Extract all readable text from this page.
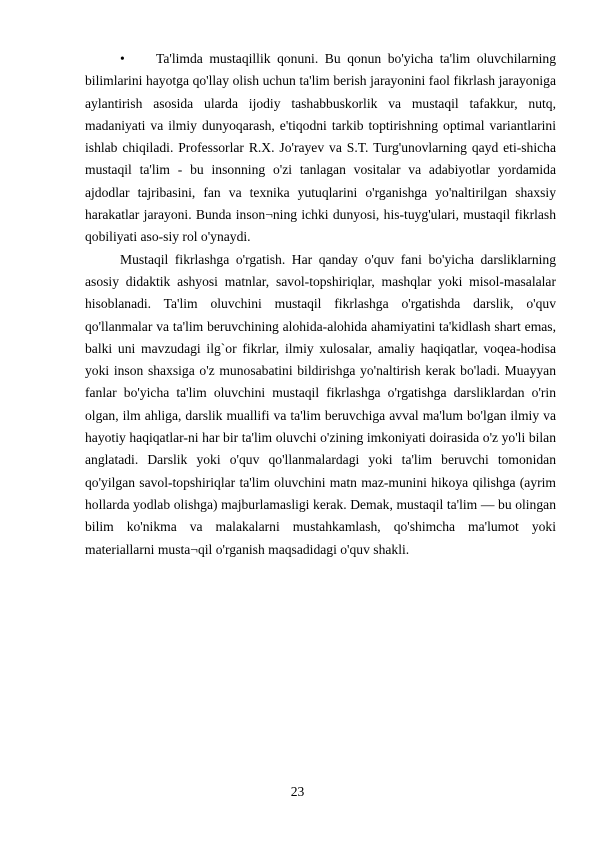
• Ta'limda mustaqillik qonuni. Bu qonun bo'yicha ta'lim oluvchilarning bilimlarini hayotga qo'llay olish uchun ta'lim berish jarayonini faol fikrlash jarayoniga aylantirish asosida ularda ijodiy tashabbuskorlik va mustaqil tafakkur, nutq, madaniyati va ilmiy dunyoqarash, e'tiqodni tarkib toptirishning optimal variantlarini ishlab chiqiladi. Professorlar R.X. Jo'rayev va S.T. Turg'unovlarning qayd eti-shicha mustaqil ta'lim - bu insonning o'zi tanlagan vositalar va adabiyotlar yordamida ajdodlar tajribasini, fan va texnika yutuqlarini o'rganishga yo'naltirilgan shaxsiy harakatlar jarayoni. Bunda inson¬ning ichki dunyosi, his-tuyg'ulari, mustaqil fikrlash qobiliyati aso-siy rol o'ynaydi.

Mustaqil fikrlashga o'rgatish. Har qanday o'quv fani bo'yicha darsliklarning asosiy didaktik ashyosi matnlar, savol-topshiriqlar, mashqlar yoki misol-masalalar hisoblanadi. Ta'lim oluvchini mustaqil fikrlashga o'rgatishda darslik, o'quv qo'llanmalar va ta'lim beruvchining alohida-alohida ahamiyatini ta'kidlash shart emas, balki uni mavzudagi ilg`or fikrlar, ilmiy xulosalar, amaliy haqiqatlar, voqea-hodisa yoki inson shaxsiga o'z munosabatini bildirishga yo'naltirish kerak bo'ladi. Muayyan fanlar bo'yicha ta'lim oluvchini mustaqil fikrlashga o'rgatishga darsliklardan o'rin olgan, ilm ahliga, darslik muallifi va ta'lim beruvchiga avval ma'lum bo'lgan ilmiy va hayotiy haqiqatlar-ni har bir ta'lim oluvchi o'zining imkoniyati doirasida o'z yo'li bilan anglatadi. Darslik yoki o'quv qo'llanmalardagi yoki ta'lim beruvchi tomonidan qo'yilgan savol-topshiriqlar ta'lim oluvchini matn maz-munini hikoya qilishga (ayrim hollarda yodlab olishga) majburlamasligi kerak. Demak, mustaqil ta'lim — bu olingan bilim ko'nikma va malakalarni mustahkamlash, qo'shimcha ma'lumot yoki materiallarni musta¬qil o'rganish maqsadidagi o'quv shakli.

23
